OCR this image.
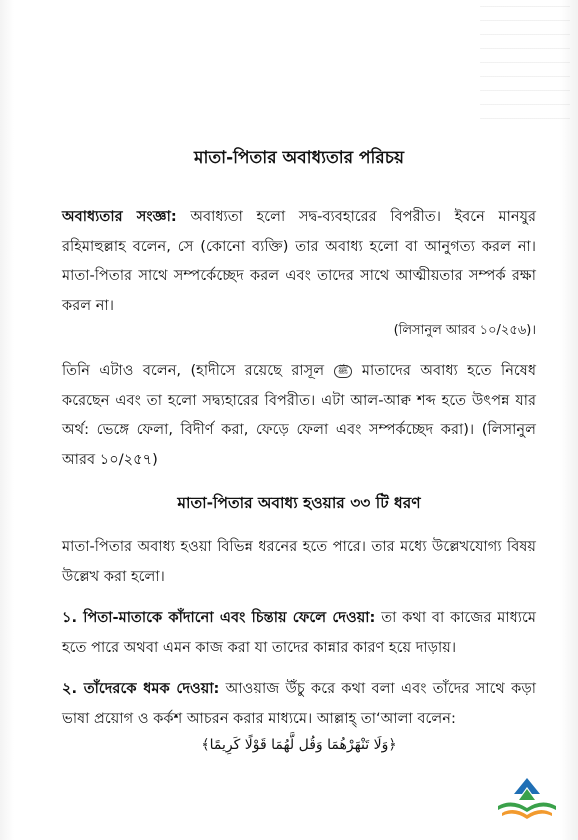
মাতা-পিতার অবাধ্যতার পরিচয়

অবাধ্যতার সংজ্ঞা: অবাধ্যতা হলো সদ্ব-ব্যবহারের বিপরীত। ইবনে মানযুর রহিমাহুল্লাহ বলেন, সে (কোনো ব্যক্তি) তার অবাধ্য হলো বা আনুগত্য করল না। মাতা-পিতার সাথে সম্পর্কেচ্ছেদ করল এবং তাদের সাথে আত্মীয়তার সম্পর্ক রক্ষা করল না।
(লিসানুল আরব ১০/২৫৬)।

তিনি এটাও বলেন, (হাদীসে রয়েছে রাসূল ﷺ মাতাদের অবাধ্য হতে নিষেধ করেছেন এবং তা হলো সদ্ব্যহারের বিপরীত। এটা আল-আক্ব শব্দ হতে উৎপন্ন যার অর্থ: ভেঙ্গে ফেলা, বিদীর্ণ করা, ফেড়ে ফেলা এবং সম্পর্কচ্ছেদ করা)। (লিসানুল আরব ১০/২৫৭)

মাতা-পিতার অবাধ্য হওয়ার ৩৩ টি ধরণ

মাতা-পিতার অবাধ্য হওয়া বিভিন্ন ধরনের হতে পারে। তার মধ্যে উল্লেখযোগ্য বিষয় উল্লেখ করা হলো।

১. পিতা-মাতাকে কাঁদানো এবং চিন্তায় ফেলে দেওয়া: তা কথা বা কাজের মাধ্যমে হতে পারে অথবা এমন কাজ করা যা তাদের কান্নার কারণ হয়ে দাড়ায়।

২. তাঁদেরকে ধমক দেওয়া: আওয়াজ উঁচু করে কথা বলা এবং তাঁদের সাথে কড়া ভাষা প্রয়োগ ও কর্কশ আচরন করার মাধ্যমে। আল্লাহ্ তা‘আলা বলেন:

﴿وَلَا تَنْهَرْهُمَا وَقُل لَّهُمَا قَوْلًا كَرِيمًا﴾
